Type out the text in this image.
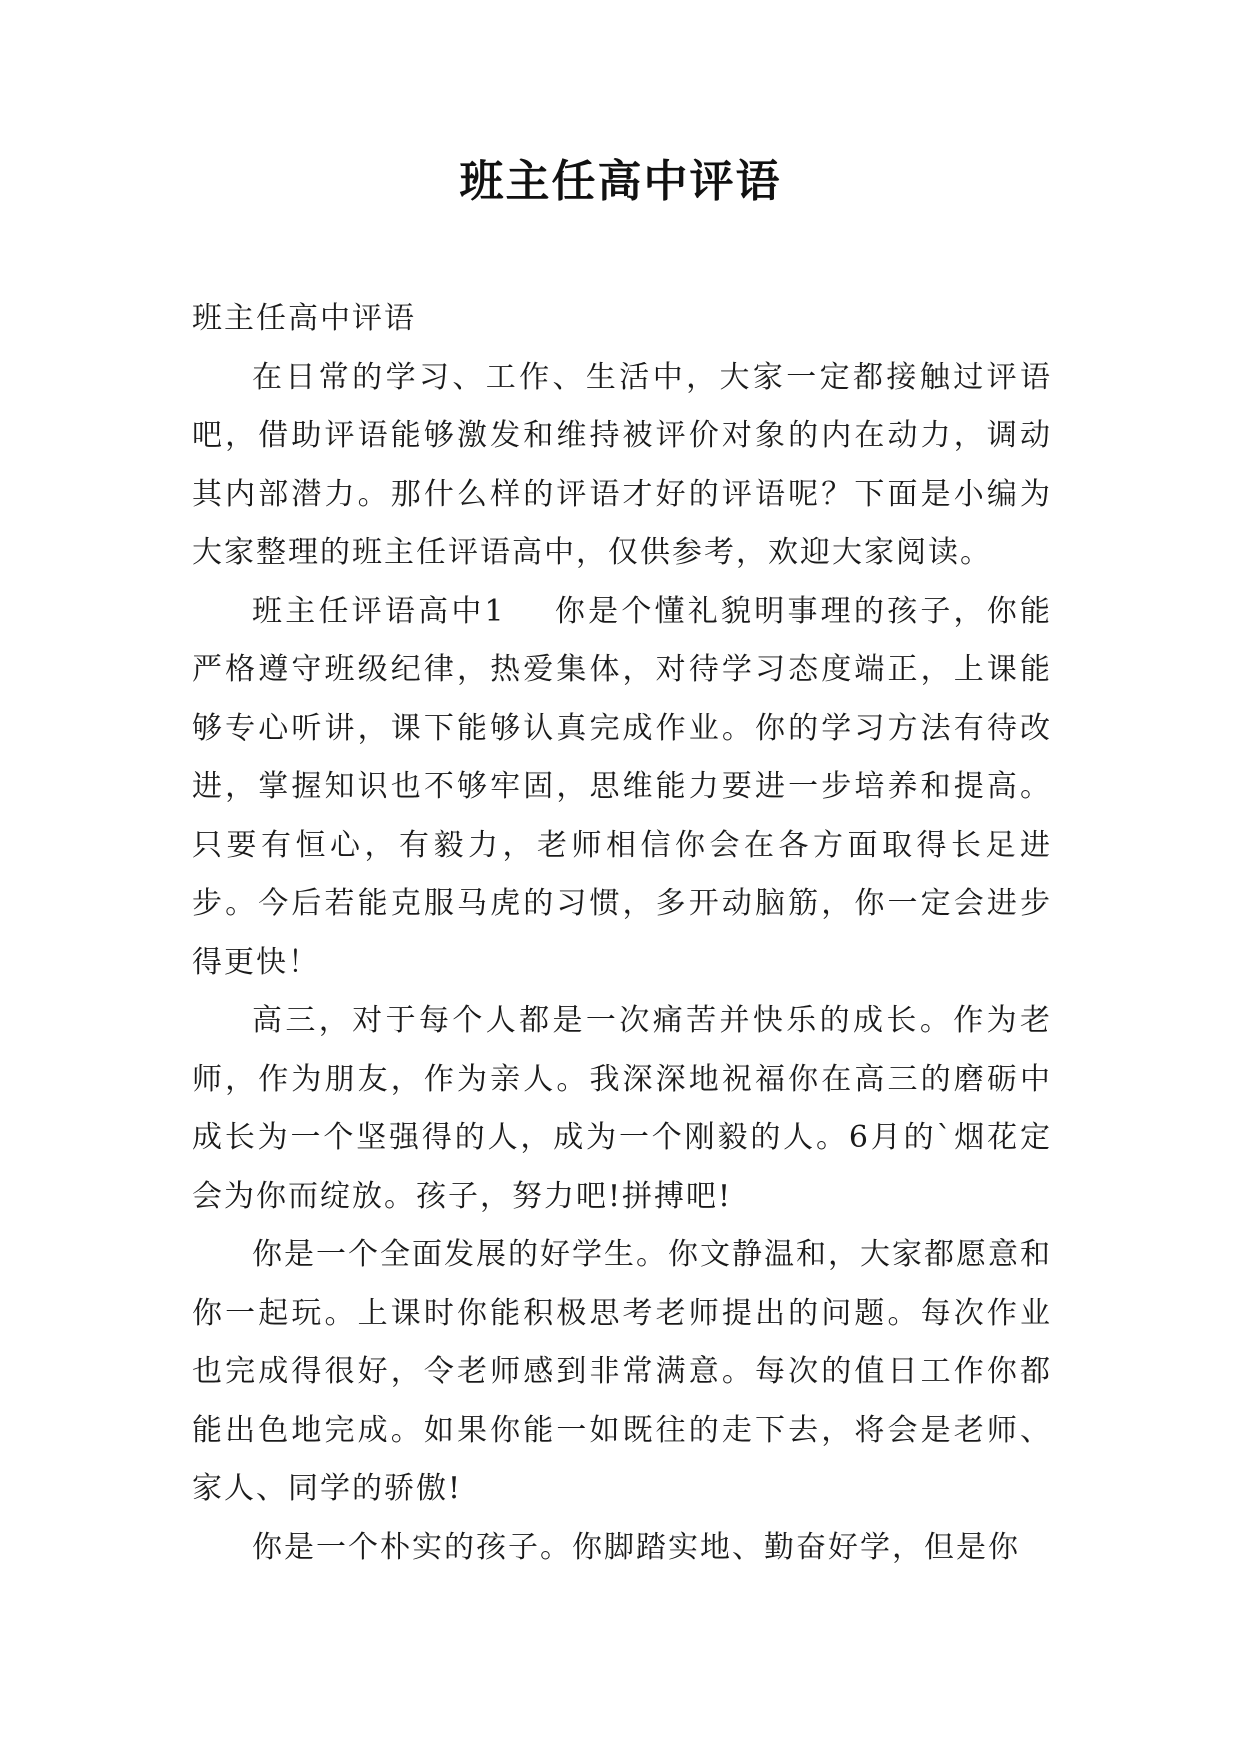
班主任高中评语

班主任高中评语

在日常的学习、工作、生活中，大家一定都接触过评语吧，借助评语能够激发和维持被评价对象的内在动力，调动其内部潜力。那什么样的评语才好的评语呢？下面是小编为大家整理的班主任评语高中，仅供参考，欢迎大家阅读。

班主任评语高中1 你是个懂礼貌明事理的孩子，你能严格遵守班级纪律，热爱集体，对待学习态度端正，上课能够专心听讲，课下能够认真完成作业。你的学习方法有待改进，掌握知识也不够牢固，思维能力要进一步培养和提高。只要有恒心，有毅力，老师相信你会在各方面取得长足进步。今后若能克服马虎的习惯，多开动脑筋，你一定会进步得更快！

高三，对于每个人都是一次痛苦并快乐的成长。作为老师，作为朋友，作为亲人。我深深地祝福你在高三的磨砺中成长为一个坚强得的人，成为一个刚毅的人。6月的`烟花定会为你而绽放。孩子，努力吧!拼搏吧!

你是一个全面发展的好学生。你文静温和，大家都愿意和你一起玩。上课时你能积极思考老师提出的问题。每次作业也完成得很好，令老师感到非常满意。每次的值日工作你都能出色地完成。如果你能一如既往的走下去，将会是老师、家人、同学的骄傲!

你是一个朴实的孩子。你脚踏实地、勤奋好学，但是你
